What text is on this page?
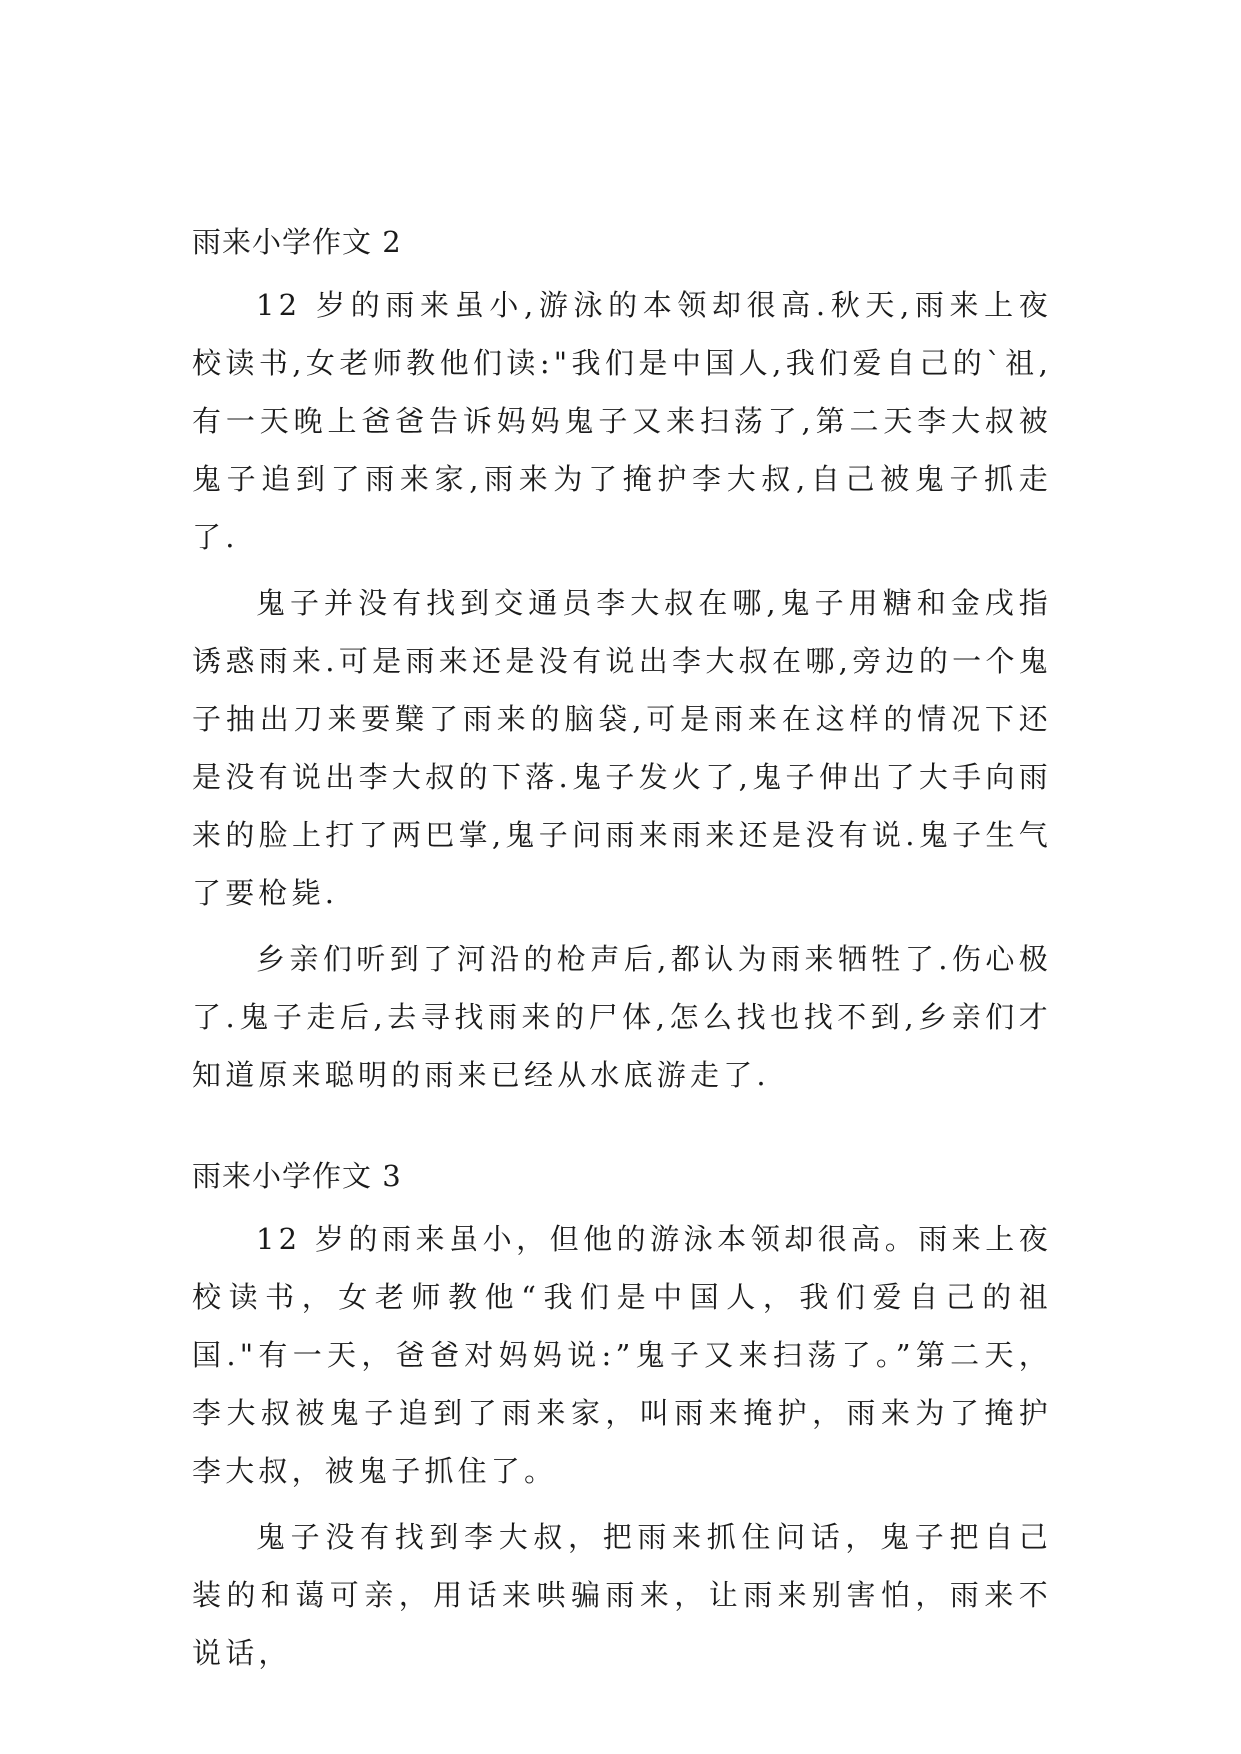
雨来小学作文 2

12 岁的雨来虽小,游泳的本领却很高.秋天,雨来上夜校读书,女老师教他们读:"我们是中国人,我们爱自己的`祖,有一天晚上爸爸告诉妈妈鬼子又来扫荡了,第二天李大叔被鬼子追到了雨来家,雨来为了掩护李大叔,自己被鬼子抓走了.

鬼子并没有找到交通员李大叔在哪,鬼子用糖和金戌指诱惑雨来.可是雨来还是没有说出李大叔在哪,旁边的一个鬼子抽出刀来要櫱了雨来的脑袋,可是雨来在这样的情况下还是没有说出李大叔的下落.鬼子发火了,鬼子伸出了大手向雨来的脸上打了两巴掌,鬼子问雨来雨来还是没有说.鬼子生气了要枪毙.

乡亲们听到了河沿的枪声后,都认为雨来牺牲了.伤心极了.鬼子走后,去寻找雨来的尸体,怎么找也找不到,乡亲们才知道原来聪明的雨来已经从水底游走了.

雨来小学作文 3

12 岁的雨来虽小，但他的游泳本领却很高。雨来上夜校读书，女老师教他“我们是中国人，我们爱自己的祖国."有一天，爸爸对妈妈说:”鬼子又来扫荡了。”第二天，李大叔被鬼子追到了雨来家，叫雨来掩护，雨来为了掩护李大叔，被鬼子抓住了。

鬼子没有找到李大叔，把雨来抓住问话，鬼子把自己装的和蔼可亲，用话来哄骗雨来，让雨来别害怕，雨来不说话，
